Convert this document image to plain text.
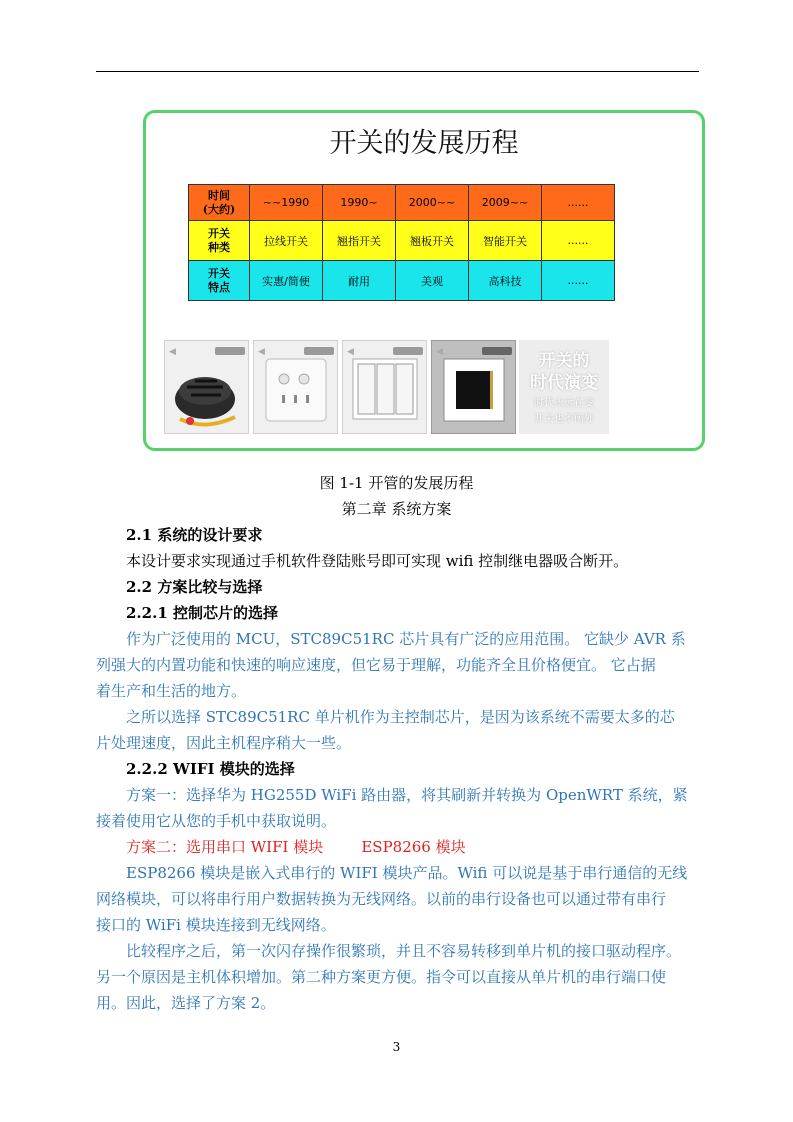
开关的发展历程
时间
(大约)	~~1990	1990~	2000~~	2009~~	......
开关
种类	拉线开关	翘指开关	翘板开关	智能开关	......
开关
特点	实惠/简便	耐用	美观	高科技	......
◀	◀	◀	◀	开关的
时代演变
时代永远在变
开关也不例外
图 1-1 开管的发展历程
第二章 系统方案
2.1 系统的设计要求
本设计要求实现通过手机软件登陆账号即可实现 wifi 控制继电器吸合断开。
2.2 方案比较与选择
2.2.1 控制芯片的选择
作为广泛使用的 MCU，STC89C51RC 芯片具有广泛的应用范围。 它缺少 AVR 系
列强大的内置功能和快速的响应速度，但它易于理解，功能齐全且价格便宜。 它占据
着生产和生活的地方。
之所以选择 STC89C51RC 单片机作为主控制芯片，是因为该系统不需要太多的芯
片处理速度，因此主机程序稍大一些。
2.2.2 WIFI 模块的选择
方案一：选择华为 HG255D WiFi 路由器，将其刷新并转换为 OpenWRT 系统，紧
接着使用它从您的手机中获取说明。
方案二：选用串口 WIFI 模块        ESP8266 模块
ESP8266 模块是嵌入式串行的 WIFI 模块产品。Wifi 可以说是基于串行通信的无线
网络模块，可以将串行用户数据转换为无线网络。以前的串行设备也可以通过带有串行
接口的 WiFi 模块连接到无线网络。
比较程序之后，第一次闪存操作很繁琐，并且不容易转移到单片机的接口驱动程序。
另一个原因是主机体积增加。第二种方案更方便。指令可以直接从单片机的串行端口使
用。因此，选择了方案 2。
3
